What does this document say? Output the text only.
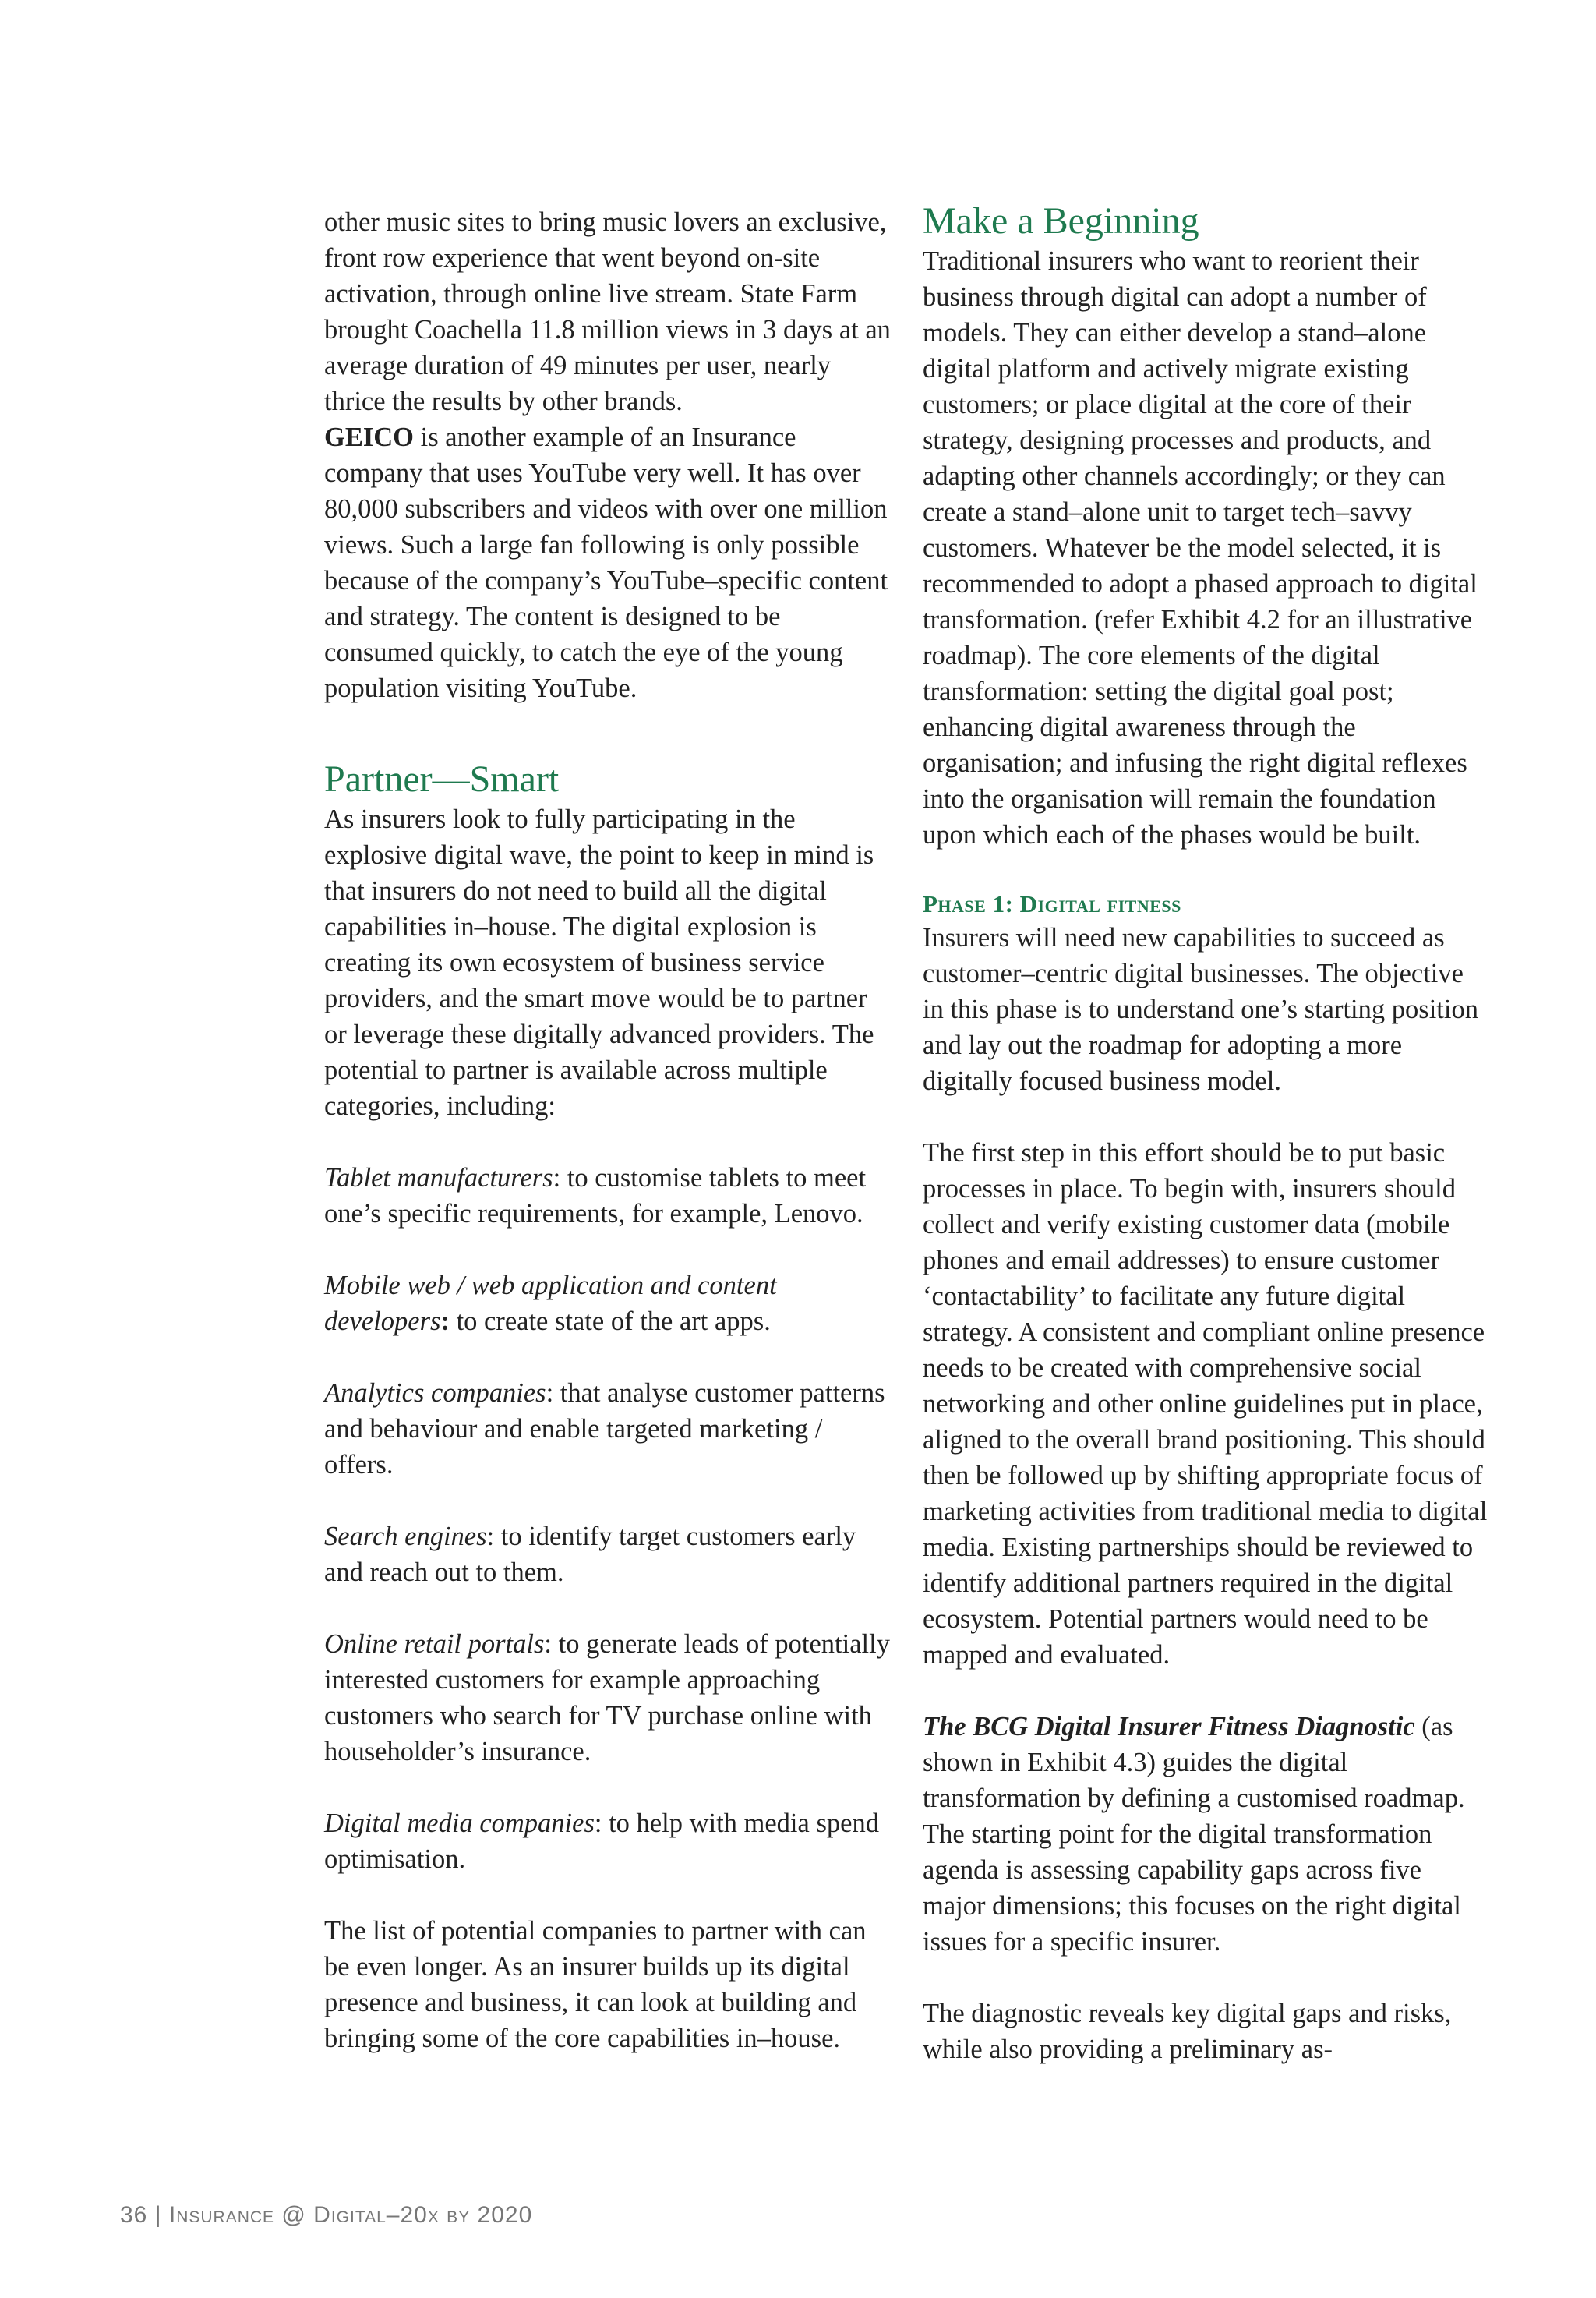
other music sites to bring music lovers an exclusive, front row experience that went beyond on-site activation, through online live stream. State Farm brought Coachella 11.8 million views in 3 days at an average duration of 49 minutes per user, nearly thrice the results by other brands.
GEICO is another example of an Insurance company that uses YouTube very well. It has over 80,000 subscribers and videos with over one million views. Such a large fan following is only possible because of the company’s YouTube–specific content and strategy. The content is designed to be consumed quickly, to catch the eye of the young population visiting YouTube.

Partner—Smart

As insurers look to fully participating in the explosive digital wave, the point to keep in mind is that insurers do not need to build all the digital capabilities in–house. The digital explosion is creating its own ecosystem of business service providers, and the smart move would be to partner or leverage these digitally advanced providers. The potential to partner is available across multiple categories, including:

Tablet manufacturers: to customise tablets to meet one’s specific requirements, for example, Lenovo.

Mobile web / web application and content developers: to create state of the art apps.

Analytics companies: that analyse customer patterns and behaviour and enable targeted marketing / offers.

Search engines: to identify target customers early and reach out to them.

Online retail portals: to generate leads of potentially interested customers for example approaching customers who search for TV purchase online with householder’s insurance.

Digital media companies: to help with media spend optimisation.

The list of potential companies to partner with can be even longer. As an insurer builds up its digital presence and business, it can look at building and bringing some of the core capabilities in–house.

Make a Beginning

Traditional insurers who want to reorient their business through digital can adopt a number of models. They can either develop a stand–alone digital platform and actively migrate existing customers; or place digital at the core of their strategy, designing processes and products, and adapting other channels accordingly; or they can create a stand–alone unit to target tech–savvy customers. Whatever be the model selected, it is recommended to adopt a phased approach to digital transformation. (refer Exhibit 4.2 for an illustrative roadmap). The core elements of the digital transformation: setting the digital goal post; enhancing digital awareness through the organisation; and infusing the right digital reflexes into the organisation will remain the foundation upon which each of the phases would be built.

Phase 1: Digital fitness

Insurers will need new capabilities to succeed as customer–centric digital businesses. The objective in this phase is to understand one’s starting position and lay out the roadmap for adopting a more digitally focused business model.

The first step in this effort should be to put basic processes in place. To begin with, insurers should collect and verify existing customer data (mobile phones and email addresses) to ensure customer ‘contactability’ to facilitate any future digital strategy. A consistent and compliant online presence needs to be created with comprehensive social networking and other online guidelines put in place, aligned to the overall brand positioning. This should then be followed up by shifting appropriate focus of marketing activities from traditional media to digital media. Existing partnerships should be reviewed to identify additional partners required in the digital ecosystem. Potential partners would need to be mapped and evaluated.

The BCG Digital Insurer Fitness Diagnostic (as shown in Exhibit 4.3) guides the digital transformation by defining a customised roadmap. The starting point for the digital transformation agenda is assessing capability gaps across five major dimensions; this focuses on the right digital issues for a specific insurer.

The diagnostic reveals key digital gaps and risks, while also providing a preliminary as-

36 | Insurance @ Digital–20x by 2020
